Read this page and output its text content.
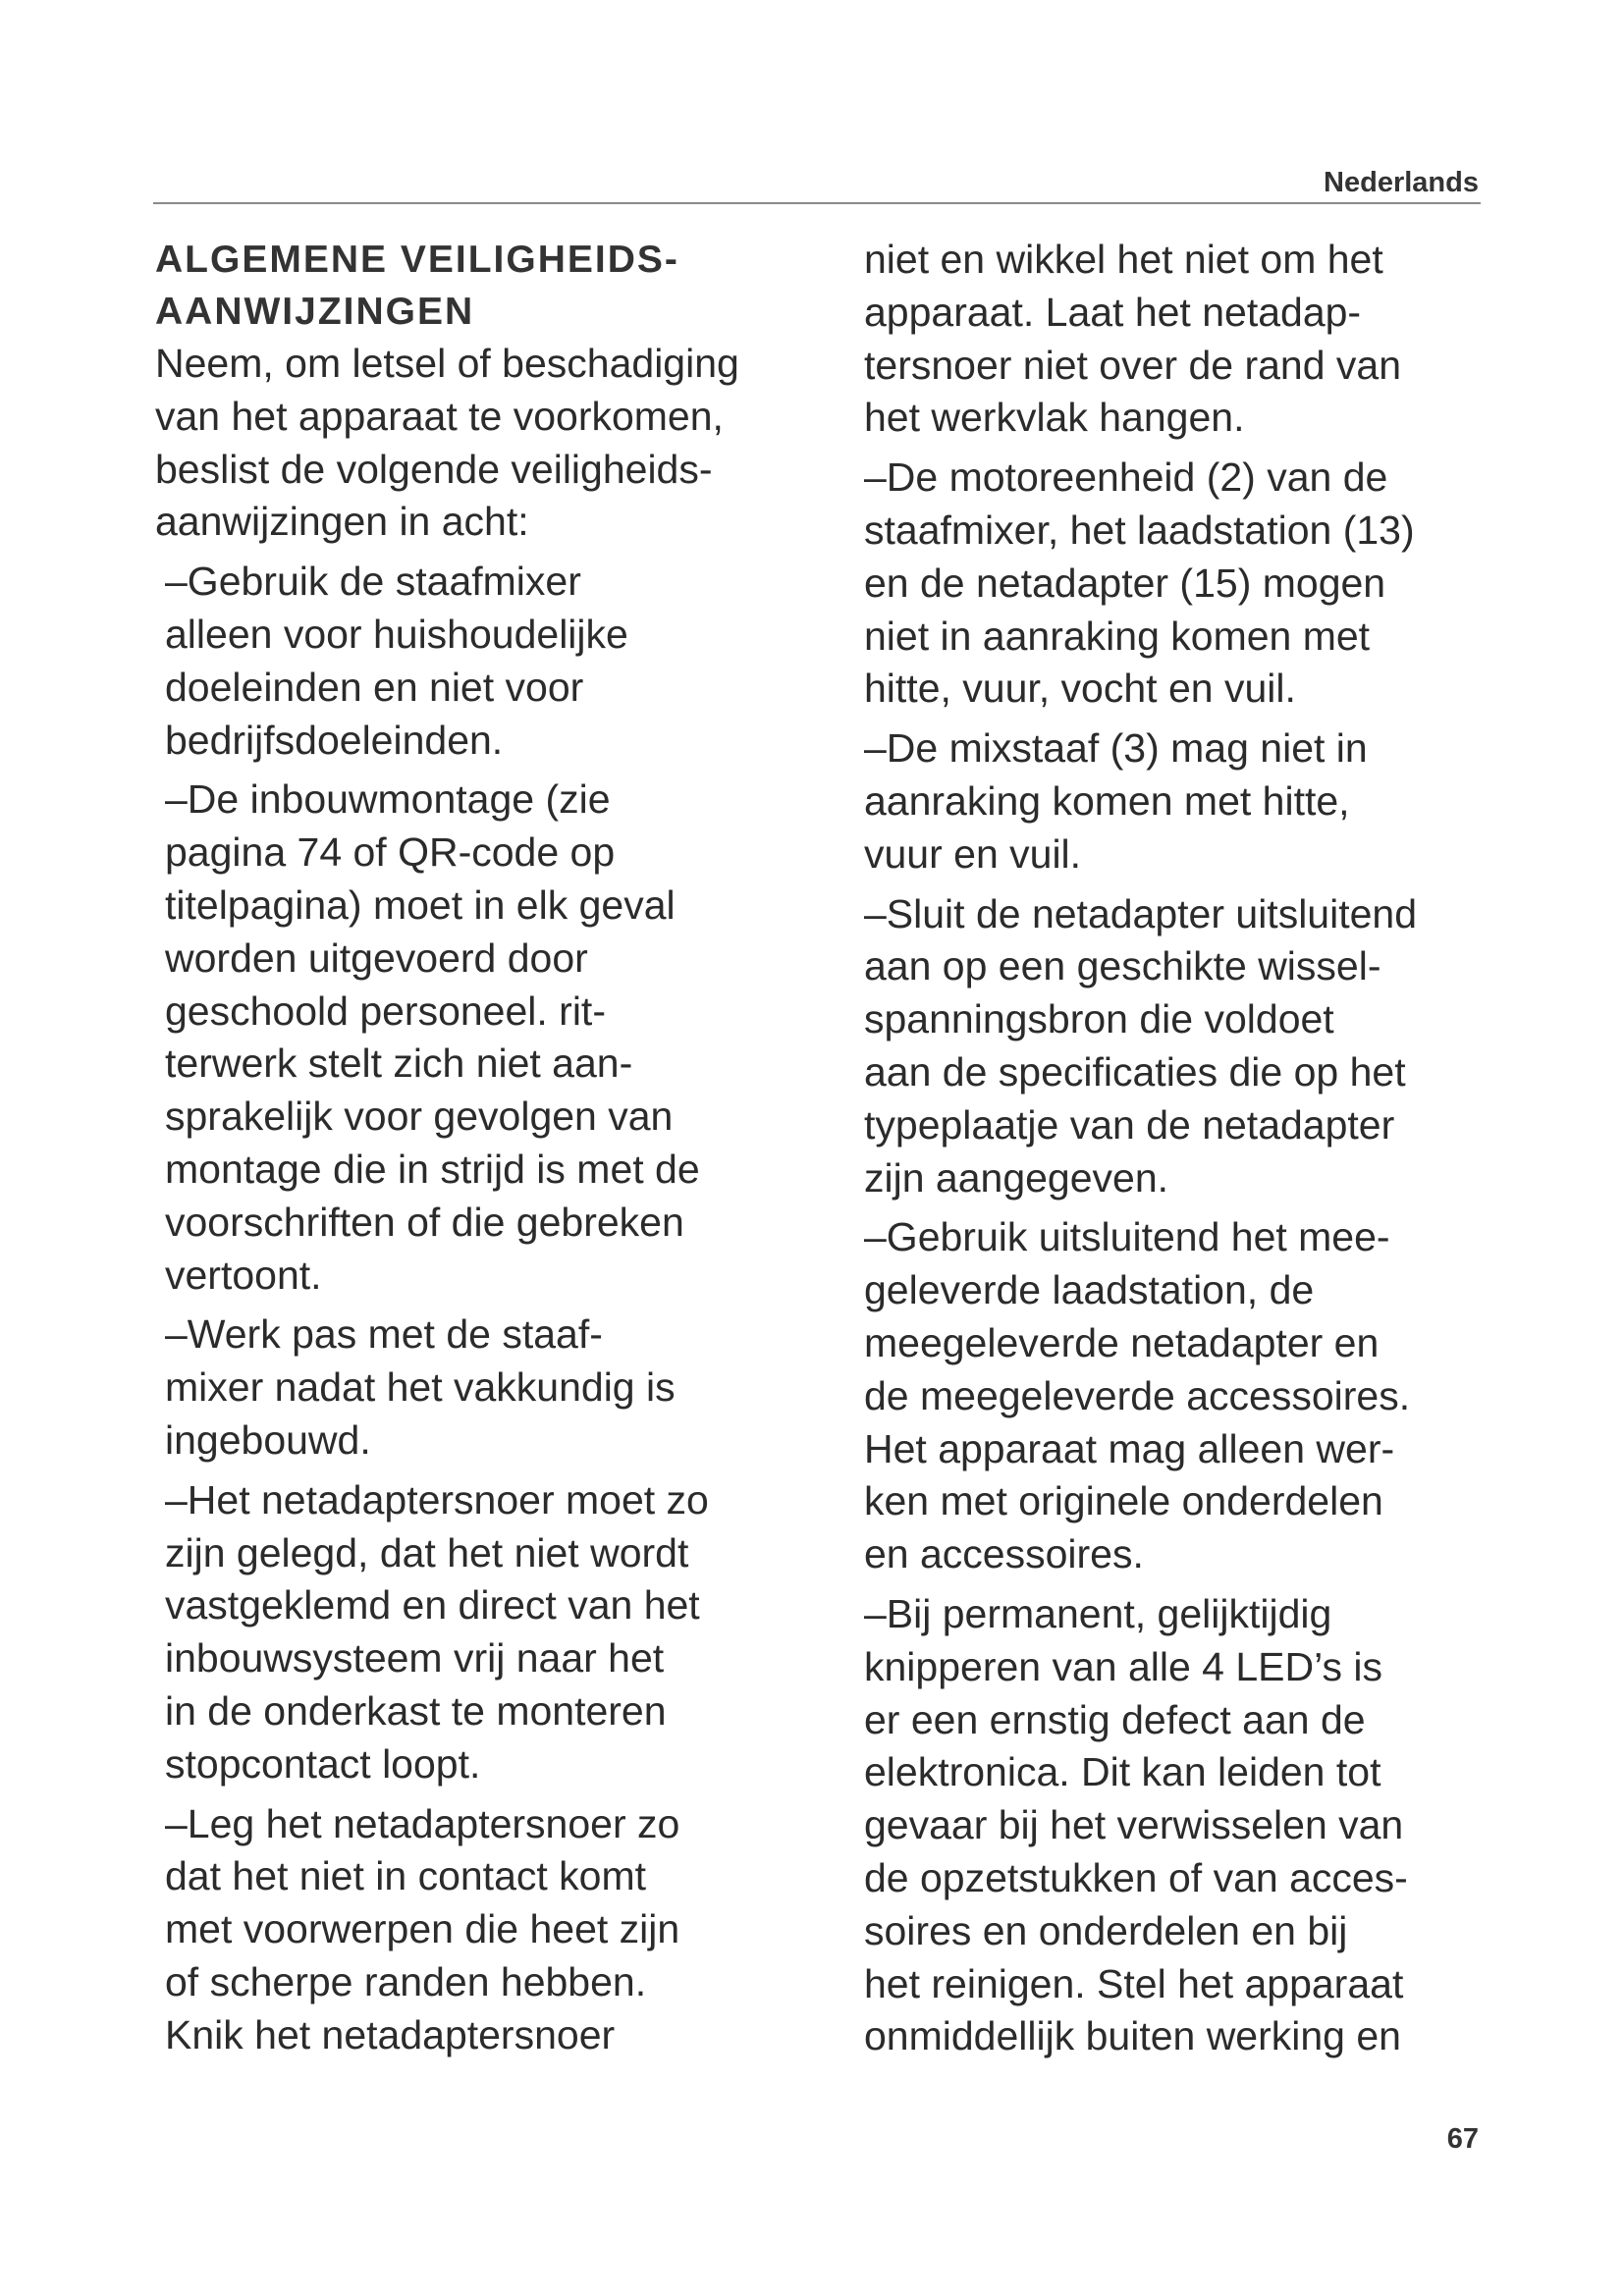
Nederlands
ALGEMENE VEILIGHEIDS-
AANWIJZINGEN

Neem, om letsel of beschadiging
van het apparaat te voorkomen,
beslist de volgende veiligheids-
aanwijzingen in acht:

–Gebruik de staafmixer
alleen voor huishoudelijke
doeleinden en niet voor
bedrijfsdoeleinden.

–De inbouwmontage (zie
pagina 74 of QR-code op
titelpagina) moet in elk geval
worden uitgevoerd door
geschoold personeel. rit-
terwerk stelt zich niet aan-
sprakelijk voor gevolgen van
montage die in strijd is met de
voorschriften of die gebreken
vertoont.

–Werk pas met de staaf-
mixer nadat het vakkundig is
ingebouwd.

–Het netadaptersnoer moet zo
zijn gelegd, dat het niet wordt
vastgeklemd en direct van het
inbouwsysteem vrij naar het
in de onderkast te monteren
stopcontact loopt.

–Leg het netadaptersnoer zo
dat het niet in contact komt
met voorwerpen die heet zijn
of scherpe randen hebben.
Knik het netadaptersnoer

niet en wikkel het niet om het
apparaat. Laat het netadap-
tersnoer niet over de rand van
het werkvlak hangen.

–De motoreenheid (2) van de
staafmixer, het laadstation (13)
en de netadapter (15) mogen
niet in aanraking komen met
hitte, vuur, vocht en vuil.

–De mixstaaf (3) mag niet in
aanraking komen met hitte,
vuur en vuil.

–Sluit de netadapter uitsluitend
aan op een geschikte wissel-
spanningsbron die voldoet
aan de specificaties die op het
typeplaatje van de netadapter
zijn aangegeven.

–Gebruik uitsluitend het mee-
geleverde laadstation, de
meegeleverde netadapter en
de meegeleverde accessoires.
Het apparaat mag alleen wer-
ken met originele onderdelen
en accessoires.

–Bij permanent, gelijktijdig
knipperen van alle 4 LED’s is
er een ernstig defect aan de
elektronica. Dit kan leiden tot
gevaar bij het verwisselen van
de opzetstukken of van acces-
soires en onderdelen en bij
het reinigen. Stel het apparaat
onmiddellijk buiten werking en

67
